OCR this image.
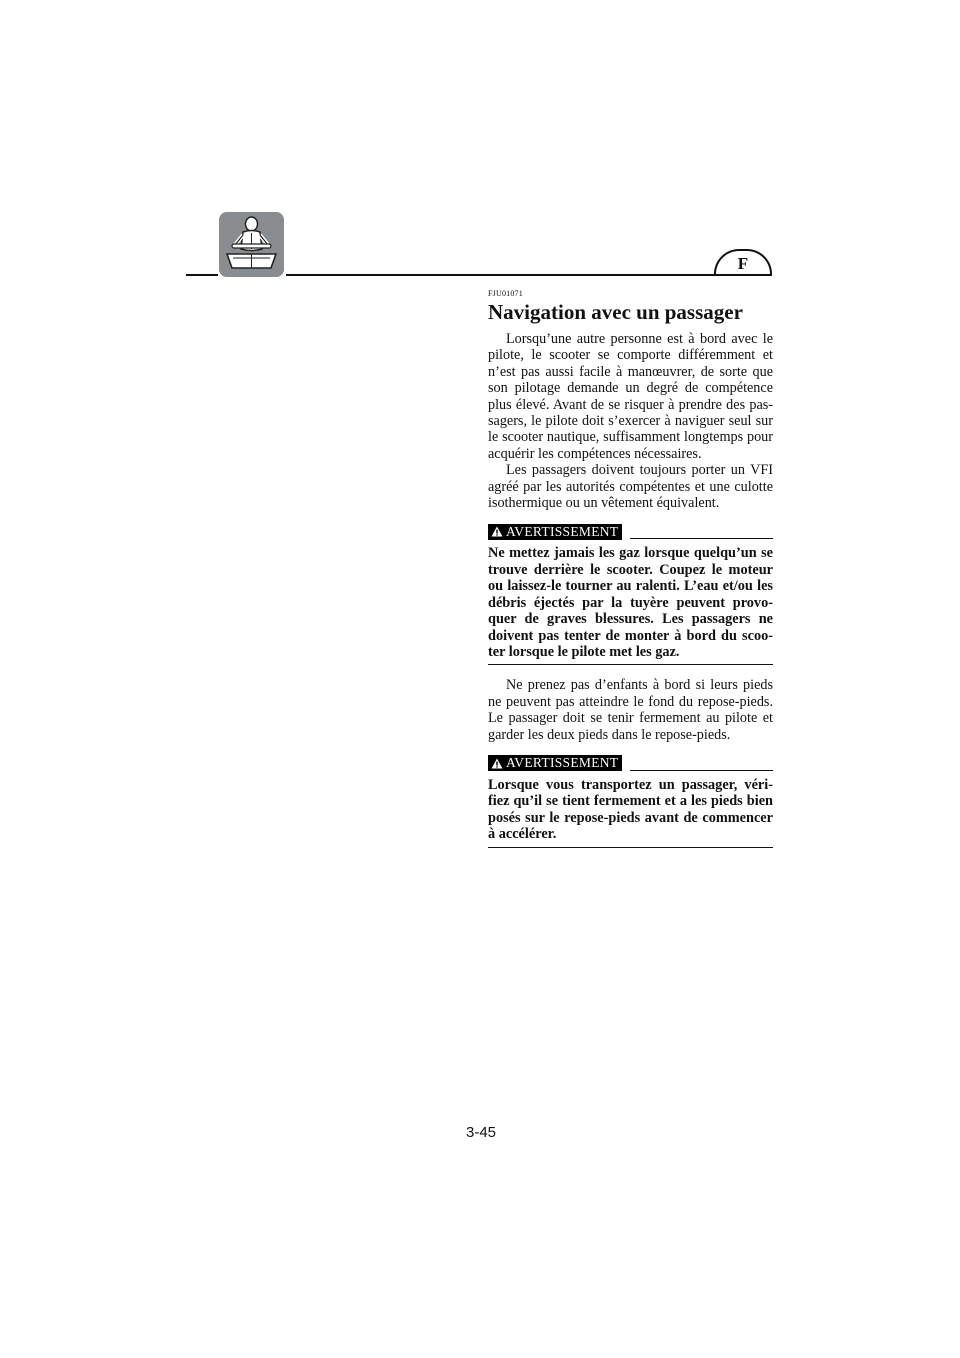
F

FJU01071

Navigation avec un passager

Lorsqu’une autre personne est à bord avec le pilote, le scooter se comporte différemment et n’est pas aussi facile à manœuvrer, de sorte que son pilotage demande un degré de compétence plus élevé. Avant de se risquer à prendre des pas-sagers, le pilote doit s’exercer à naviguer seul sur le scooter nautique, suffisamment longtemps pour acquérir les compétences nécessaires.

Les passagers doivent toujours porter un VFI agréé par les autorités compétentes et une culotte isothermique ou un vêtement équivalent.

AVERTISSEMENT
Ne mettez jamais les gaz lorsque quelqu’un se trouve derrière le scooter. Coupez le moteur ou laissez-le tourner au ralenti. L’eau et/ou les débris éjectés par la tuyère peuvent provo-quer de graves blessures. Les passagers ne doivent pas tenter de monter à bord du scoo-ter lorsque le pilote met les gaz.

Ne prenez pas d’enfants à bord si leurs pieds ne peuvent pas atteindre le fond du repose-pieds. Le passager doit se tenir fermement au pilote et garder les deux pieds dans le repose-pieds.

AVERTISSEMENT
Lorsque vous transportez un passager, véri-fiez qu’il se tient fermement et a les pieds bien posés sur le repose-pieds avant de commencer à accélérer.
3-45
